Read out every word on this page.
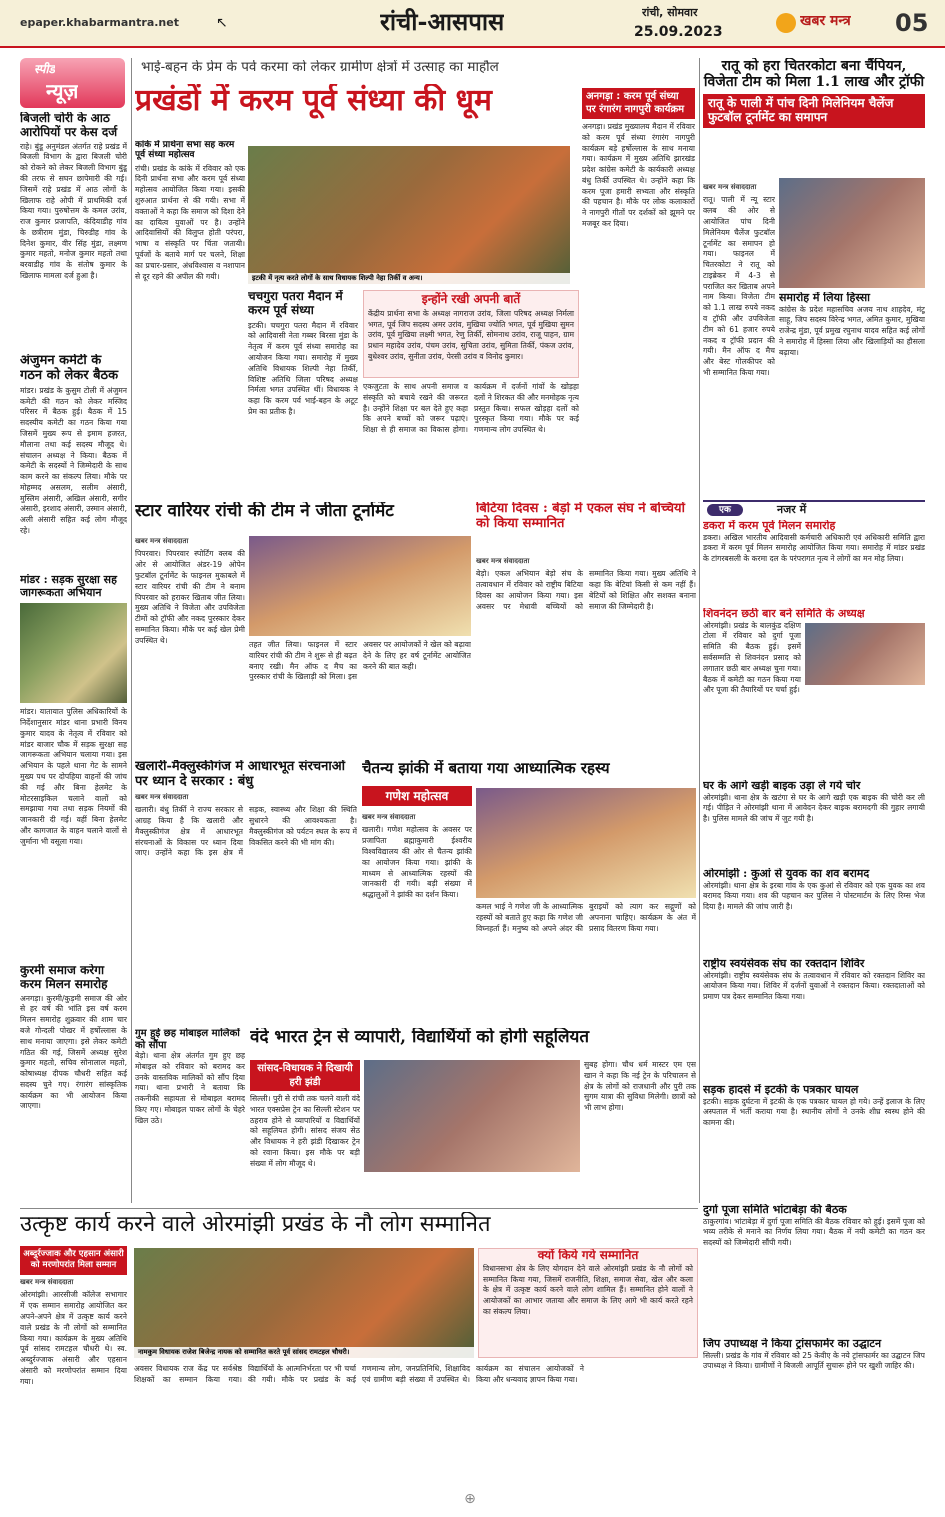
epaper.khabarmantra.net	↖	रांची-आसपास	रांची, सोमवार
25.09.2023
खबर मन्त्र 05
स्पीड
न्यूज़
बिजली चोरी के आठ आरोपियों पर केस दर्ज
राहे। बुंडू अनुमंडल अंतर्गत राहे प्रखंड में बिजली विभाग के द्वारा बिजली चोरी को रोकने को लेकर बिजली विभाग बुंडू की तरफ से सघन छापेमारी की गई। जिसमें राहे प्रखंड में आठ लोगों के खिलाफ राहे ओपी में प्राथमिकी दर्ज किया गया। पुरुषोत्तम के कमल उरांव, राज कुमार प्रजापति, कंदियाडीह गांव के छत्रीराम मुंडा, चिरुडीह गांव के दिनेश कुमार, वीर सिंह मुंडा, लक्ष्मण कुमार महतो, मनोज कुमार महतो तथा बरवाडीह गांव के संतोष कुमार के खिलाफ मामला दर्ज हुआ है।
अंजुमन कमेटी के गठन को लेकर बैठक
मांडर। प्रखंड के कुसुम टोली में अंजुमन कमेटी की गठन को लेकर मस्जिद परिसर में बैठक हुई। बैठक में 15 सदस्यीय कमेटी का गठन किया गया जिसमें मुख्य रूप से इमाम हजरत, मौलाना तथा कई सदस्य मौजूद थे। संचालन अध्यक्ष ने किया। बैठक में कमेटी के सदस्यों ने जिम्मेदारी के साथ काम करने का संकल्प लिया। मौके पर मोहम्मद असलम, सलीम अंसारी, मुस्लिम अंसारी, अखिल अंसारी, सगीर अंसारी, इरशाद अंसारी, उस्मान अंसारी, अली अंसारी सहित कई लोग मौजूद रहे।
मांडर : सड़क सुरक्षा सह जागरूकता अभियान
मांडर। यातायात पुलिस अधिकारियों के निर्देशानुसार मांडर थाना प्रभारी विनय कुमार यादव के नेतृत्व में रविवार को मांडर बाजार चौक में सड़क सुरक्षा सह जागरूकता अभियान चलाया गया। इस अभियान के पहले थाना गेट के सामने मुख्य पथ पर दोपहिया वाहनों की जांच की गई और बिना हेलमेट के मोटरसाइकिल चलाने वालों को समझाया गया तथा सड़क नियमों की जानकारी दी गई। वहीं बिना हेलमेट और कागजात के वाहन चलाने वालों से जुर्माना भी वसूला गया।
कुरमी समाज करेगा करम मिलन समारोह
अनगड़ा। कुरमी/कुड़मी समाज की ओर से हर वर्ष की भांति इस वर्ष करम मिलन समारोह शुक्रवार की शाम चार बजे गोन्दली पोखर में हर्षोल्लास के साथ मनाया जाएगा। इसे लेकर कमेटी गठित की गई, जिसमें अध्यक्ष सुरेश कुमार महतो, सचिव सोनालाल महतो, कोषाध्यक्ष दीपक चौधरी सहित कई सदस्य चुने गए। रंगारंग सांस्कृतिक कार्यक्रम का भी आयोजन किया जाएगा।
भाई-बहन के प्रेम के पर्व करमा को लेकर ग्रामीण क्षेत्रों में उत्साह का माहौल
प्रखंडों में करम पूर्व संध्या की धूम
इटकी में नृत्य करते लोगों के साथ विधायक शिल्पी नेहा तिर्की व अन्य।
कांके में प्रार्थना सभा सह करम पूर्व संध्या महोत्सव
रांची। प्रखंड के कांके में रविवार को एक दिनी प्रार्थना सभा और करम पूर्व संध्या महोत्सव आयोजित किया गया। इसकी शुरुआत प्रार्थना से की गयी। सभा में वक्ताओं ने कहा कि समाज को दिशा देने का दायित्व युवाओं पर है। उन्होंने आदिवासियों की विलुप्त होती परंपरा, भाषा व संस्कृति पर चिंता जतायी। पूर्वजों के बताये मार्ग पर चलने, शिक्षा का प्रचार-प्रसार, अंधविश्वास व नशापान से दूर रहने की अपील की गयी।
चचगुरा पतरा मैदान में करम पूर्व संध्या
इटकी। चचगुरा पतरा मैदान में रविवार को आदिवासी नेता गब्बर बिरसा मुंडा के नेतृत्व में करम पूर्व संध्या समारोह का आयोजन किया गया। समारोह में मुख्य अतिथि विधायक शिल्पी नेहा तिर्की, विशिष्ट अतिथि जिला परिषद अध्यक्ष निर्मला भगत उपस्थित थीं। विधायक ने कहा कि करम पर्व भाई-बहन के अटूट प्रेम का प्रतीक है।
इन्होंने रखी अपनी बातें
केंद्रीय प्रार्थना सभा के अध्यक्ष नागराज उरांव, जिला परिषद अध्यक्ष निर्मला भगत, पूर्व जिप सदस्य अमर उरांव, मुखिया ज्योति भगत, पूर्व मुखिया सुमन उरांव, पूर्व मुखिया लक्ष्मी भगत, रेणु तिर्की, सोमनाथ उरांव, राजू पाहन, ग्राम प्रधान महादेव उरांव, पंचम उरांव, सुचिता उरांव, सुमिता तिर्की, पंकज उरांव, बुधेश्वर उरांव, सुनीता उरांव, पेरसी उरांव व विनोद कुमार।
एकजुटता के साथ अपनी समाज व संस्कृति को बचाये रखने की जरूरत है। उन्होंने शिक्षा पर बल देते हुए कहा कि अपने बच्चों को जरूर पढ़ाएं। शिक्षा से ही समाज का विकास होगा। कार्यक्रम में दर्जनों गांवों के खोड़हा दलों ने शिरकत की और मनमोहक नृत्य प्रस्तुत किया। सफल खोड़हा दलों को पुरस्कृत किया गया। मौके पर कई गणमान्य लोग उपस्थित थे।
अनगड़ा : करम पूर्व संध्या पर रंगारंग नागपुरी कार्यक्रम
अनगड़ा। प्रखंड मुख्यालय मैदान में रविवार को करम पूर्व संध्या रंगारंग नागपुरी कार्यक्रम बड़े हर्षोल्लास के साथ मनाया गया। कार्यक्रम में मुख्य अतिथि झारखंड प्रदेश कांग्रेस कमेटी के कार्यकारी अध्यक्ष बंधु तिर्की उपस्थित थे। उन्होंने कहा कि करम पूजा हमारी सभ्यता और संस्कृति की पहचान है। मौके पर लोक कलाकारों ने नागपुरी गीतों पर दर्शकों को झूमने पर मजबूर कर दिया।
रातू को हरा चितरकोटा बना चैंपियन, विजेता टीम को मिला 1.1 लाख और ट्रॉफी
रातू के पाली में पांच दिनी मिलेनियम चैलेंज फुटबॉल टूर्नामेंट का समापन
खबर मन्त्र संवाददाता
रातू। पाली में न्यू स्टार क्लब की ओर से आयोजित पांच दिनी मिलेनियम चैलेंज फुटबॉल टूर्नामेंट का समापन हो गया। फाइनल में चितरकोटा ने रातू को टाइब्रेकर में 4-3 से पराजित कर खिताब अपने नाम किया। विजेता टीम को 1.1 लाख रुपये नकद व ट्रॉफी और उपविजेता टीम को 61 हजार रुपये नकद व ट्रॉफी प्रदान की गयी। मैन ऑफ द मैच और बेस्ट गोलकीपर को भी सम्मानित किया गया।
समारोह में लिया हिस्सा
कांग्रेस के प्रदेश महासचिव अजय नाथ शाहदेव, मंटू साहू, जिप सदस्य विरेन्द्र भगत, अमित कुमार, मुखिया राजेन्द्र मुंडा, पूर्व प्रमुख रघुनाथ यादव सहित कई लोगों ने समारोह में हिस्सा लिया और खिलाड़ियों का हौसला बढ़ाया।
एक	नजर में
डकरा में करम पूर्व मिलन समारोह
डकरा। अखिल भारतीय आदिवासी कर्मचारी अधिकारी एवं अधिकारी समिति द्वारा डकरा में करम पूर्व मिलन समारोह आयोजित किया गया। समारोह में मांडर प्रखंड के टांगरबसली के करमा दल के परंपरागत नृत्य ने लोगों का मन मोह लिया।
शिवनंदन छठी बार बने समिति के अध्यक्ष
ओरमांझी। प्रखंड के बालकुंड दक्षिण टोला में रविवार को दुर्गा पूजा समिति की बैठक हुई। इसमें सर्वसम्मति से शिवनंदन प्रसाद को लगातार छठी बार अध्यक्ष चुना गया। बैठक में कमेटी का गठन किया गया और पूजा की तैयारियों पर चर्चा हुई।
घर के आगे खड़ी बाइक उड़ा ले गये चोर
ओरमांझी। थाना क्षेत्र के खटंगा से घर के आगे खड़ी एक बाइक की चोरी कर ली गई। पीड़ित ने ओरमांझी थाना में आवेदन देकर बाइक बरामदगी की गुहार लगायी है। पुलिस मामले की जांच में जुट गयी है।
ओरमांझी : कुआं से युवक का शव बरामद
ओरमांझी। थाना क्षेत्र के इरबा गांव के एक कुआं से रविवार को एक युवक का शव बरामद किया गया। शव की पहचान कर पुलिस ने पोस्टमार्टम के लिए रिम्स भेज दिया है। मामले की जांच जारी है।
राष्ट्रीय स्वयंसेवक संघ का रक्तदान शिविर
ओरमांझी। राष्ट्रीय स्वयंसेवक संघ के तत्वावधान में रविवार को रक्तदान शिविर का आयोजन किया गया। शिविर में दर्जनों युवाओं ने रक्तदान किया। रक्तदाताओं को प्रमाण पत्र देकर सम्मानित किया गया।
सड़क हादसे में इटकी के पत्रकार घायल
इटकी। सड़क दुर्घटना में इटकी के एक पत्रकार घायल हो गये। उन्हें इलाज के लिए अस्पताल में भर्ती कराया गया है। स्थानीय लोगों ने उनके शीघ्र स्वस्थ होने की कामना की।
दुर्गा पूजा समिति भांटाबेड़ा की बैठक
ठाकुरगांव। भांटाबेड़ा में दुर्गा पूजा समिति की बैठक रविवार को हुई। इसमें पूजा को भव्य तरीके से मनाने का निर्णय लिया गया। बैठक में नयी कमेटी का गठन कर सदस्यों को जिम्मेदारी सौंपी गयी।
जिप उपाध्यक्ष ने किया ट्रांसफार्मर का उद्घाटन
सिल्ली। प्रखंड के गांव में रविवार को 25 केवीए के नये ट्रांसफार्मर का उद्घाटन जिप उपाध्यक्ष ने किया। ग्रामीणों ने बिजली आपूर्ति सुचारू होने पर खुशी जाहिर की।
स्टार वारियर रांची की टीम ने जीता टूर्नामेंट
खबर मन्त्र संवाददाता
पिपरवार। पिपरवार स्पोर्टिंग क्लब की ओर से आयोजित अंडर-19 ओपेन फुटबॉल टूर्नामेंट के फाइनल मुकाबले में स्टार वारियर रांची की टीम ने बनाम पिपरवार को हराकर खिताब जीत लिया। मुख्य अतिथि ने विजेता और उपविजेता टीमों को ट्रॉफी और नकद पुरस्कार देकर सम्मानित किया। मौके पर कई खेल प्रेमी उपस्थित थे।	तहत जीत लिया। फाइनल में स्टार वारियर रांची की टीम ने शुरू से ही बढ़त बनाए रखी। मैन ऑफ द मैच का पुरस्कार रांची के खिलाड़ी को मिला। इस अवसर पर आयोजकों ने खेल को बढ़ावा देने के लिए हर वर्ष टूर्नामेंट आयोजित करने की बात कही।
बिटिया दिवस : बेड़ो में एकल संघ ने बच्चियों को किया सम्मानित
खबर मन्त्र संवाददाता
बेड़ो। एकल अभियान बेड़ो संच के तत्वावधान में रविवार को राष्ट्रीय बिटिया दिवस का आयोजन किया गया। इस अवसर पर मेधावी बच्चियों को सम्मानित किया गया। मुख्य अतिथि ने कहा कि बेटियां किसी से कम नहीं हैं। बेटियों को शिक्षित और सशक्त बनाना समाज की जिम्मेदारी है।
खलारी-मैक्लुस्कीगंज में आधारभूत संरचनाओं पर ध्यान दे सरकार : बंधु
खबर मन्त्र संवाददाता
खलारी। बंधु तिर्की ने राज्य सरकार से आग्रह किया है कि खलारी और मैक्लुस्कीगंज क्षेत्र में आधारभूत संरचनाओं के विकास पर ध्यान दिया जाए। उन्होंने कहा कि इस क्षेत्र में सड़क, स्वास्थ्य और शिक्षा की स्थिति सुधारने की आवश्यकता है। मैक्लुस्कीगंज को पर्यटन स्थल के रूप में विकसित करने की भी मांग की।
गुम हुई छह मोबाइल मालिकों को सौंपा
बेड़ो। थाना क्षेत्र अंतर्गत गुम हुए छह मोबाइल को रविवार को बरामद कर उनके वास्तविक मालिकों को सौंप दिया गया। थाना प्रभारी ने बताया कि तकनीकी सहायता से मोबाइल बरामद किए गए। मोबाइल पाकर लोगों के चेहरे खिल उठे।
चैतन्य झांकी में बताया गया आध्यात्मिक रहस्य
गणेश महोत्सव
खबर मन्त्र संवाददाता
खलारी। गणेश महोत्सव के अवसर पर प्रजापिता ब्रह्माकुमारी ईश्वरीय विश्वविद्यालय की ओर से चैतन्य झांकी का आयोजन किया गया। झांकी के माध्यम से आध्यात्मिक रहस्यों की जानकारी दी गयी। बड़ी संख्या में श्रद्धालुओं ने झांकी का दर्शन किया।
कमल भाई ने गणेश जी के आध्यात्मिक रहस्यों को बताते हुए कहा कि गणेश जी विघ्नहर्ता हैं। मनुष्य को अपने अंदर की बुराइयों को त्याग कर सद्गुणों को अपनाना चाहिए। कार्यक्रम के अंत में प्रसाद वितरण किया गया।
वंदे भारत ट्रेन से व्यापारी, विद्यार्थियों को होगी सहूलियत
सांसद-विधायक ने दिखायी हरी झंडी
सिल्ली। पुरी से रांची तक चलने वाली वंदे भारत एक्सप्रेस ट्रेन का सिल्ली स्टेशन पर ठहराव होने से व्यापारियों व विद्यार्थियों को सहूलियत होगी। सांसद संजय सेठ और विधायक ने हरी झंडी दिखाकर ट्रेन को रवाना किया। इस मौके पर बड़ी संख्या में लोग मौजूद थे।
सुबह होगा। चौथ धर्म मास्टर एम एस खान ने कहा कि नई ट्रेन के परिचालन से क्षेत्र के लोगों को राजधानी और पुरी तक सुगम यात्रा की सुविधा मिलेगी। छात्रों को भी लाभ होगा।
उत्कृष्ट कार्य करने वाले ओरमांझी प्रखंड के नौ लोग सम्मानित
अब्दुर्रज्जाक और एहसान अंसारी को मरणोपरांत मिला सम्मान
खबर मन्त्र संवाददाता
ओरमांझी। आरसीजी कॉलेज सभागार में एक सम्मान समारोह आयोजित कर अपने-अपने क्षेत्र में उत्कृष्ट कार्य करने वाले प्रखंड के नौ लोगों को सम्मानित किया गया। कार्यक्रम के मुख्य अतिथि पूर्व सांसद रामटहल चौधरी थे। स्व. अब्दुर्रज्जाक अंसारी और एहसान अंसारी को मरणोपरांत सम्मान दिया गया।
नामकुम विधायक राजेश बिजेन्द्र नायक को सम्मानित करते पूर्व सांसद रामटहल चौधरी।
क्यों किये गये सम्मानित
विधानसभा क्षेत्र के लिए योगदान देने वाले ओरमांझी प्रखंड के नौ लोगों को सम्मानित किया गया, जिसमें राजनीति, शिक्षा, समाज सेवा, खेल और कला के क्षेत्र में उत्कृष्ट कार्य करने वाले लोग शामिल हैं। सम्मानित होने वालों ने आयोजकों का आभार जताया और समाज के लिए आगे भी कार्य करते रहने का संकल्प लिया।
अवसर विधायक राज केंद्र पर सर्वश्रेष्ठ शिक्षकों का सम्मान किया गया। विद्यार्थियों के आत्मनिर्भरता पर भी चर्चा की गयी। मौके पर प्रखंड के कई गणमान्य लोग, जनप्रतिनिधि, शिक्षाविद एवं ग्रामीण बड़ी संख्या में उपस्थित थे। कार्यक्रम का संचालन आयोजकों ने किया और धन्यवाद ज्ञापन किया गया।
⊕
